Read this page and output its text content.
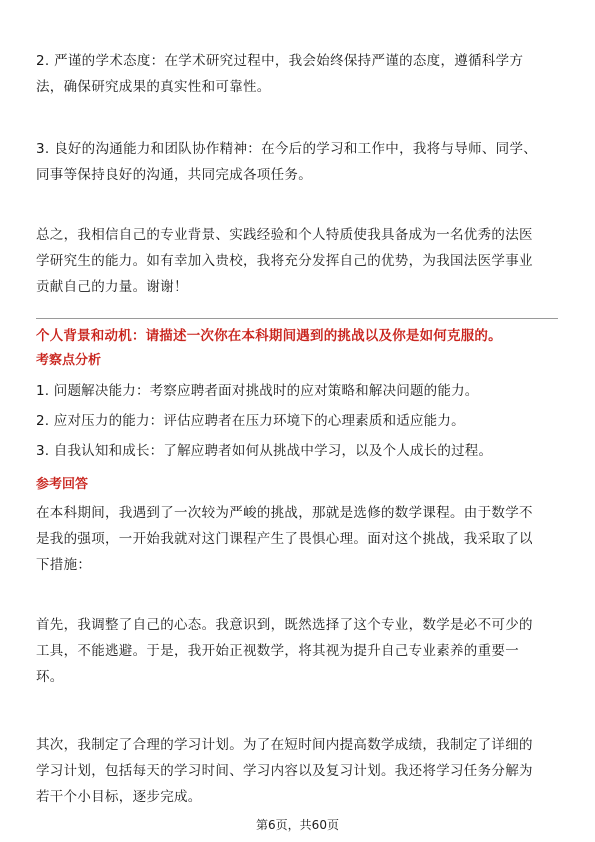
2. 严谨的学术态度：在学术研究过程中，我会始终保持严谨的态度，遵循科学方
法，确保研究成果的真实性和可靠性。

3. 良好的沟通能力和团队协作精神：在今后的学习和工作中，我将与导师、同学、
同事等保持良好的沟通，共同完成各项任务。

总之，我相信自己的专业背景、实践经验和个人特质使我具备成为一名优秀的法医
学研究生的能力。如有幸加入贵校，我将充分发挥自己的优势，为我国法医学事业
贡献自己的力量。谢谢！

个人背景和动机：请描述一次你在本科期间遇到的挑战以及你是如何克服的。

考察点分析

1. 问题解决能力：考察应聘者面对挑战时的应对策略和解决问题的能力。

2. 应对压力的能力：评估应聘者在压力环境下的心理素质和适应能力。

3. 自我认知和成长：了解应聘者如何从挑战中学习，以及个人成长的过程。

参考回答

在本科期间，我遇到了一次较为严峻的挑战，那就是选修的数学课程。由于数学不
是我的强项，一开始我就对这门课程产生了畏惧心理。面对这个挑战，我采取了以
下措施：

首先，我调整了自己的心态。我意识到，既然选择了这个专业，数学是必不可少的
工具，不能逃避。于是，我开始正视数学，将其视为提升自己专业素养的重要一
环。

其次，我制定了合理的学习计划。为了在短时间内提高数学成绩，我制定了详细的
学习计划，包括每天的学习时间、学习内容以及复习计划。我还将学习任务分解为
若干个小目标，逐步完成。

第6页，共60页
